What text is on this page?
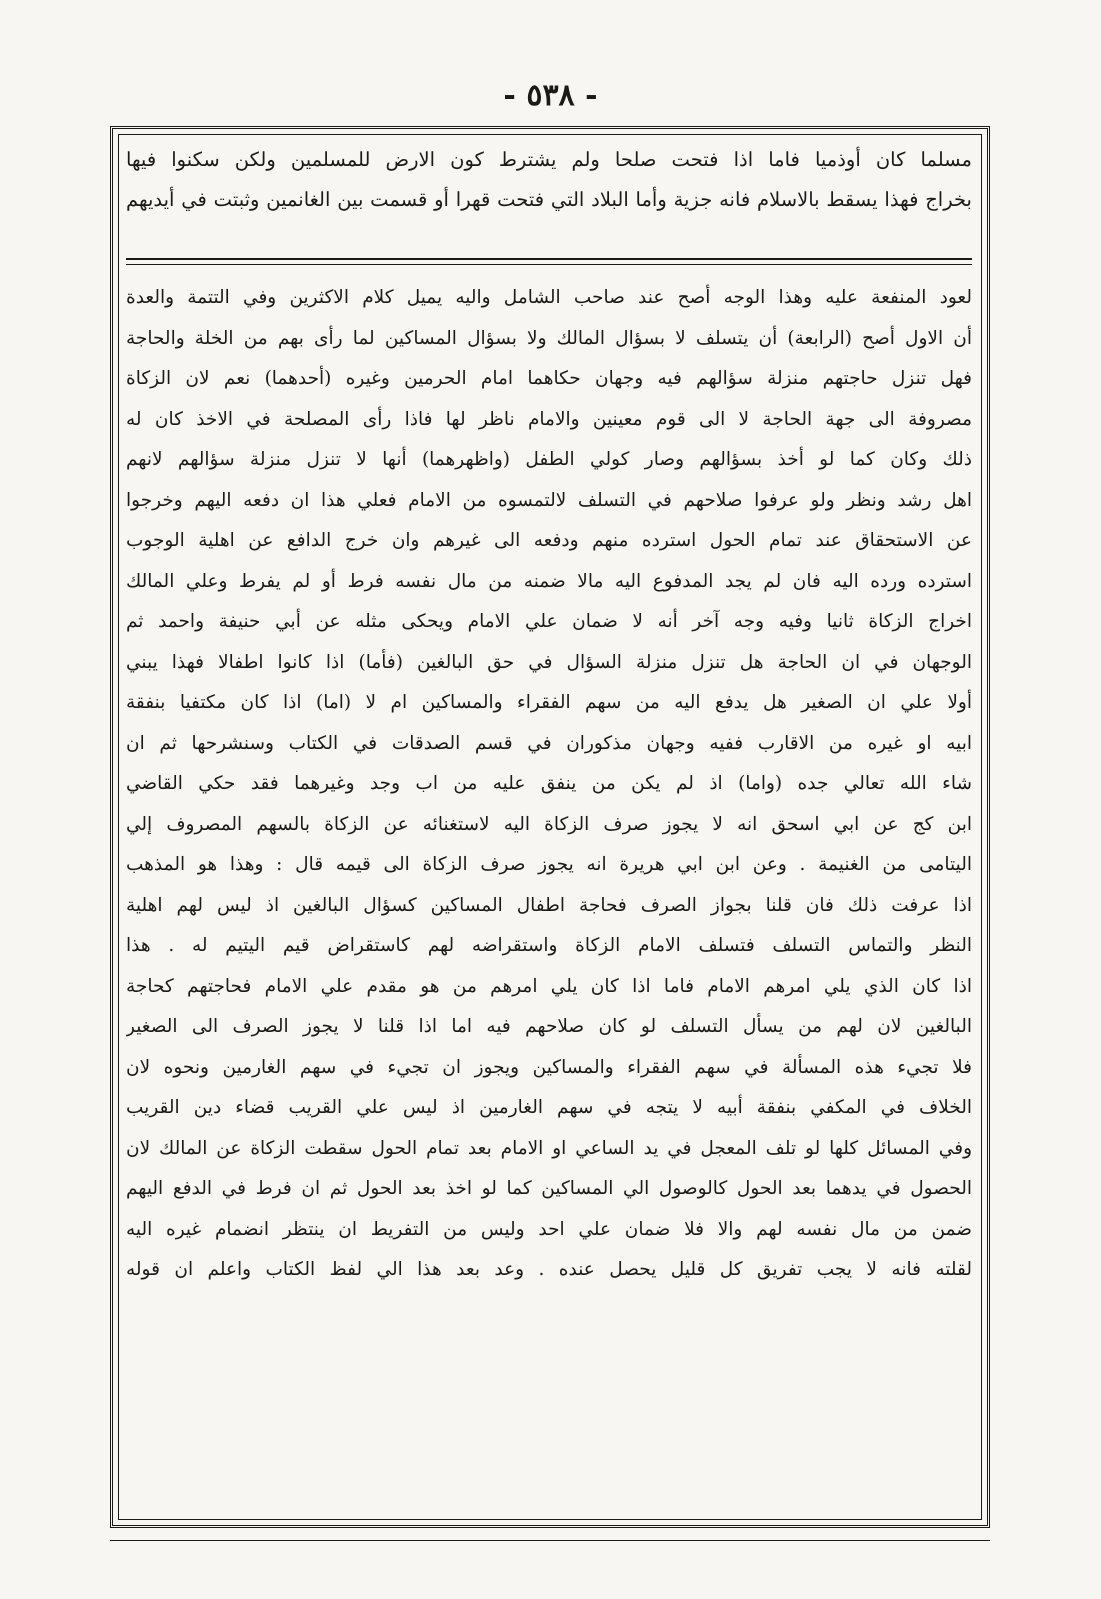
- ٥٣٨ -
مسلما كان أوذميا فاما اذا فتحت صلحا ولم يشترط كون الارض للمسلمين ولكن سكنوا فيها
بخراج فهذا يسقط بالاسلام فانه جزية وأما البلاد التي فتحت قهرا أو قسمت بين الغانمين وثبتت في أيديهم
لعود المنفعة عليه وهذا الوجه أصح عند صاحب الشامل واليه يميل كلام الاكثرين وفي التتمة والعدة
أن الاول أصح (الرابعة) أن يتسلف لا بسؤال المالك ولا بسؤال المساكين لما رأى بهم من الخلة والحاجة
فهل تنزل حاجتهم منزلة سؤالهم فيه وجهان حكاهما امام الحرمين وغيره (أحدهما) نعم لان الزكاة
مصروفة الى جهة الحاجة لا الى قوم معينين والامام ناظر لها فاذا رأى المصلحة في الاخذ كان له
ذلك وكان كما لو أخذ بسؤالهم وصار كولي الطفل (واظهرهما) أنها لا تنزل منزلة سؤالهم لانهم
اهل رشد ونظر ولو عرفوا صلاحهم في التسلف لالتمسوه من الامام فعلي هذا ان دفعه اليهم وخرجوا
عن الاستحقاق عند تمام الحول استرده منهم ودفعه الى غيرهم وان خرج الدافع عن اهلية الوجوب
استرده ورده اليه فان لم يجد المدفوع اليه مالا ضمنه من مال نفسه فرط أو لم يفرط وعلي المالك
اخراج الزكاة ثانيا وفيه وجه آخر أنه لا ضمان علي الامام ويحكى مثله عن أبي حنيفة واحمد ثم
الوجهان في ان الحاجة هل تنزل منزلة السؤال في حق البالغين (فأما) اذا كانوا اطفالا فهذا يبني
أولا علي ان الصغير هل يدفع اليه من سهم الفقراء والمساكين ام لا (اما) اذا كان مكتفيا بنفقة
ابيه او غيره من الاقارب ففيه وجهان مذكوران في قسم الصدقات في الكتاب وسنشرحها ثم ان
شاء الله تعالي جده (واما) اذ لم يكن من ينفق عليه من اب وجد وغيرهما فقد حكي القاضي
ابن كج عن ابي اسحق انه لا يجوز صرف الزكاة اليه لاستغنائه عن الزكاة بالسهم المصروف إلي
اليتامى من الغنيمة . وعن ابن ابي هريرة انه يجوز صرف الزكاة الى قيمه قال : وهذا هو المذهب
اذا عرفت ذلك فان قلنا بجواز الصرف فحاجة اطفال المساكين كسؤال البالغين اذ ليس لهم اهلية
النظر والتماس التسلف فتسلف الامام الزكاة واستقراضه لهم كاستقراض قيم اليتيم له . هذا
اذا كان الذي يلي امرهم الامام فاما اذا كان يلي امرهم من هو مقدم علي الامام فحاجتهم كحاجة
البالغين لان لهم من يسأل التسلف لو كان صلاحهم فيه اما اذا قلنا لا يجوز الصرف الى الصغير
فلا تجيء هذه المسألة في سهم الفقراء والمساكين ويجوز ان تجيء في سهم الغارمين ونحوه لان
الخلاف في المكفي بنفقة أبيه لا يتجه في سهم الغارمين اذ ليس علي القريب قضاء دين القريب
وفي المسائل كلها لو تلف المعجل في يد الساعي او الامام بعد تمام الحول سقطت الزكاة عن المالك لان
الحصول في يدهما بعد الحول كالوصول الي المساكين كما لو اخذ بعد الحول ثم ان فرط في الدفع اليهم
ضمن من مال نفسه لهم والا فلا ضمان علي احد وليس من التفريط ان ينتظر انضمام غيره اليه
لقلته فانه لا يجب تفريق كل قليل يحصل عنده . وعد بعد هذا الي لفظ الكتاب واعلم ان قوله
